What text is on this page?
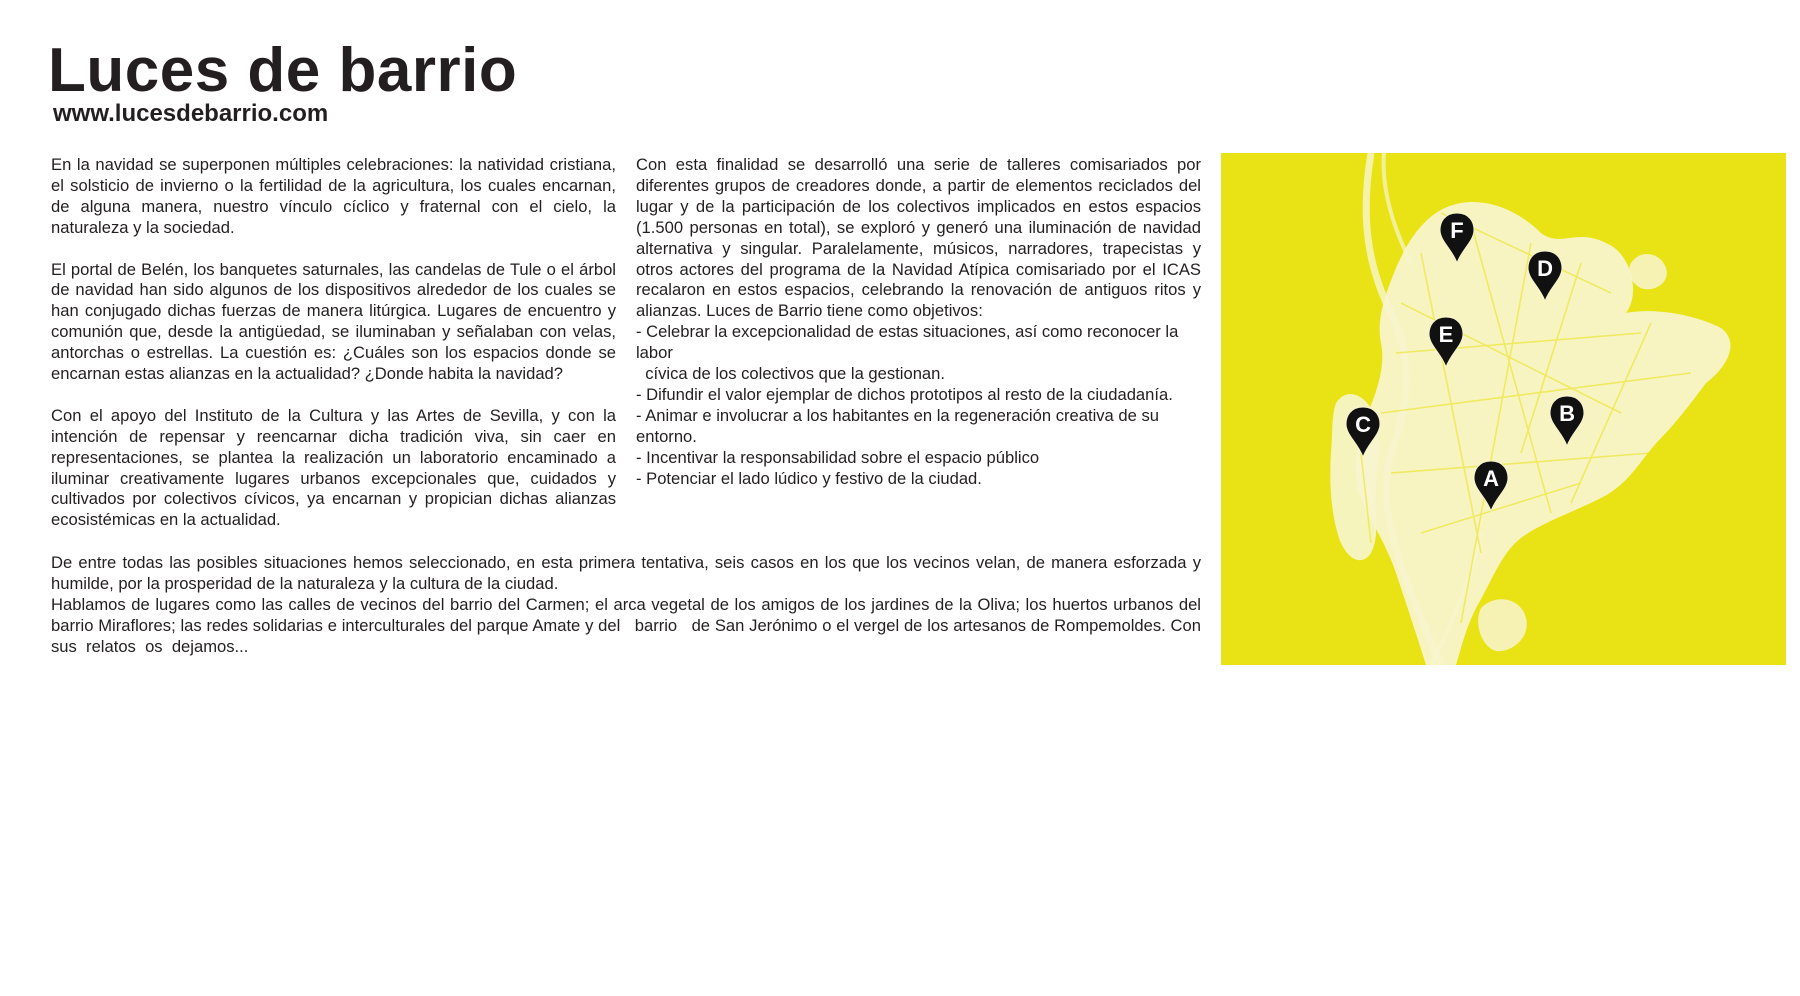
Luces de barrio
www.lucesdebarrio.com

En la navidad se superponen múltiples celebraciones: la natividad cristiana, el solsticio de invierno o la fertilidad de la agricultura, los cuales encarnan, de alguna manera, nuestro vínculo cíclico y fraternal con el cielo, la naturaleza y la sociedad.

El portal de Belén, los banquetes saturnales, las candelas de Tule o el árbol de navidad han sido algunos de los dispositivos alrededor de los cuales se han conjugado dichas fuerzas de manera litúrgica. Lugares de encuentro y comunión que, desde la antigüedad, se iluminaban y señalaban con velas, antorchas o estrellas. La cuestión es: ¿Cuáles son los espacios donde se encarnan estas alianzas en la actualidad? ¿Donde habita la navidad?

Con el apoyo del Instituto de la Cultura y las Artes de Sevilla, y con la intención de repensar y reencarnar dicha tradición viva, sin caer en representaciones, se plantea la realización un laboratorio encaminado a iluminar creativamente lugares urbanos excepcionales que, cuidados y cultivados por colectivos cívicos, ya encarnan y propician dichas alianzas ecosistémicas en la actualidad.

Con esta finalidad se desarrolló una serie de talleres comisariados por diferentes grupos de creadores donde, a partir de elementos reciclados del lugar y de la participación de los colectivos implicados en estos espacios (1.500 personas en total), se exploró y generó una iluminación de navidad alternativa y singular. Paralelamente, músicos, narradores, trapecistas y otros actores del programa de la Navidad Atípica comisariado por el ICAS recalaron en estos espacios, celebrando la renovación de antiguos ritos y alianzas. Luces de Barrio tiene como objetivos:

- Celebrar la excepcionalidad de estas situaciones, así como reconocer la labor
cívica de los colectivos que la gestionan.
- Difundir el valor ejemplar de dichos prototipos al resto de la ciudadanía.
- Animar e involucrar a los habitantes en la regeneración creativa de su entorno.
- Incentivar la responsabilidad sobre el espacio público
- Potenciar el lado lúdico y festivo de la ciudad.

De entre todas las posibles situaciones hemos seleccionado, en esta primera tentativa, seis casos en los que los vecinos velan, de manera esforzada y humilde, por la prosperidad de la naturaleza y la cultura de la ciudad.

Hablamos de lugares como las calles de vecinos del barrio del Carmen; el arca vegetal de los amigos de los jardines de la Oliva; los huertos urbanos del barrio Miraflores; las redes solidarias e interculturales del parque Amate y del   barrio   de San Jerónimo o el vergel de los artesanos de Rompemoldes. Con  sus  relatos  os  dejamos...

F
D
E
C	B
A
